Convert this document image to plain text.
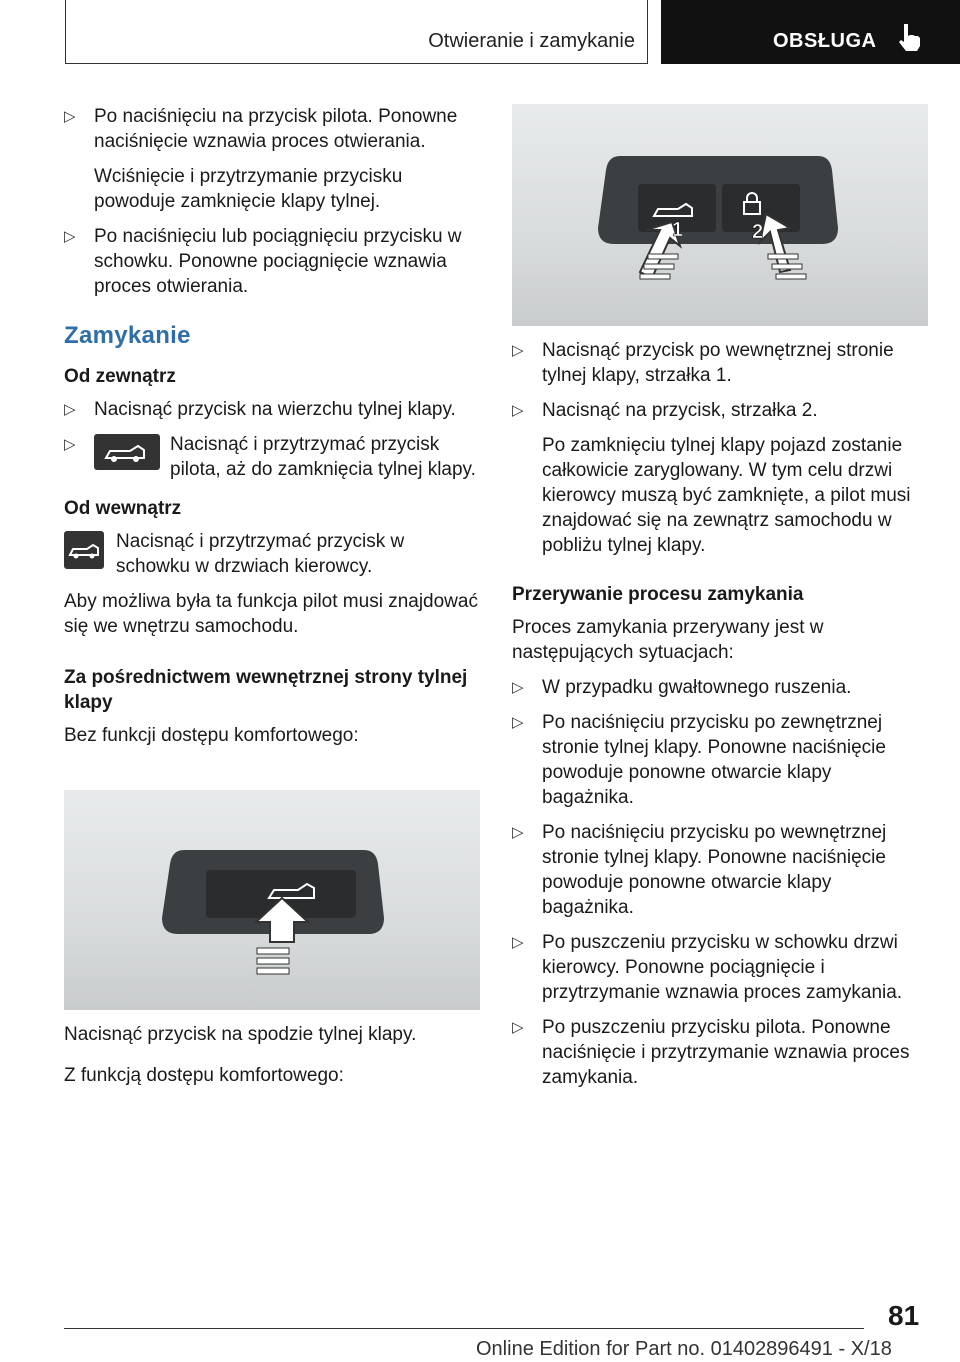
Otwieranie i zamykanie	OBSŁUGA
▷ Po naciśnięciu na przycisk pilota. Ponowne naciśnięcie wznawia proces otwierania.
Wciśnięcie i przytrzymanie przycisku powoduje zamknięcie klapy tylnej.
▷ Po naciśnięciu lub pociągnięciu przycisku w schowku. Ponowne pociągnięcie wznawia proces otwierania.
Zamykanie
Od zewnątrz
▷ Nacisnąć przycisk na wierzchu tylnej klapy.
▷ Nacisnąć i przytrzymać przycisk pilota, aż do zamknięcia tylnej klapy.
Od wewnątrz
Nacisnąć i przytrzymać przycisk w schowku w drzwiach kierowcy.
Aby możliwa była ta funkcja pilot musi znajdować się we wnętrzu samochodu.
Za pośrednictwem wewnętrznej strony tylnej klapy
Bez funkcji dostępu komfortowego:
Nacisnąć przycisk na spodzie tylnej klapy.
Z funkcją dostępu komfortowego:
1	2
▷ Nacisnąć przycisk po wewnętrznej stronie tylnej klapy, strzałka 1.
▷ Nacisnąć na przycisk, strzałka 2.
Po zamknięciu tylnej klapy pojazd zostanie całkowicie zaryglowany. W tym celu drzwi kierowcy muszą być zamknięte, a pilot musi znajdować się na zewnątrz samochodu w pobliżu tylnej klapy.
Przerywanie procesu zamykania
Proces zamykania przerywany jest w następujących sytuacjach:
▷ W przypadku gwałtownego ruszenia.
▷ Po naciśnięciu przycisku po zewnętrznej stronie tylnej klapy. Ponowne naciśnięcie powoduje ponowne otwarcie klapy bagażnika.
▷ Po naciśnięciu przycisku po wewnętrznej stronie tylnej klapy. Ponowne naciśnięcie powoduje ponowne otwarcie klapy bagażnika.
▷ Po puszczeniu przycisku w schowku drzwi kierowcy. Ponowne pociągnięcie i przytrzymanie wznawia proces zamykania.
▷ Po puszczeniu przycisku pilota. Ponowne naciśnięcie i przytrzymanie wznawia proces zamykania.
81
Online Edition for Part no. 01402896491 - X/18
